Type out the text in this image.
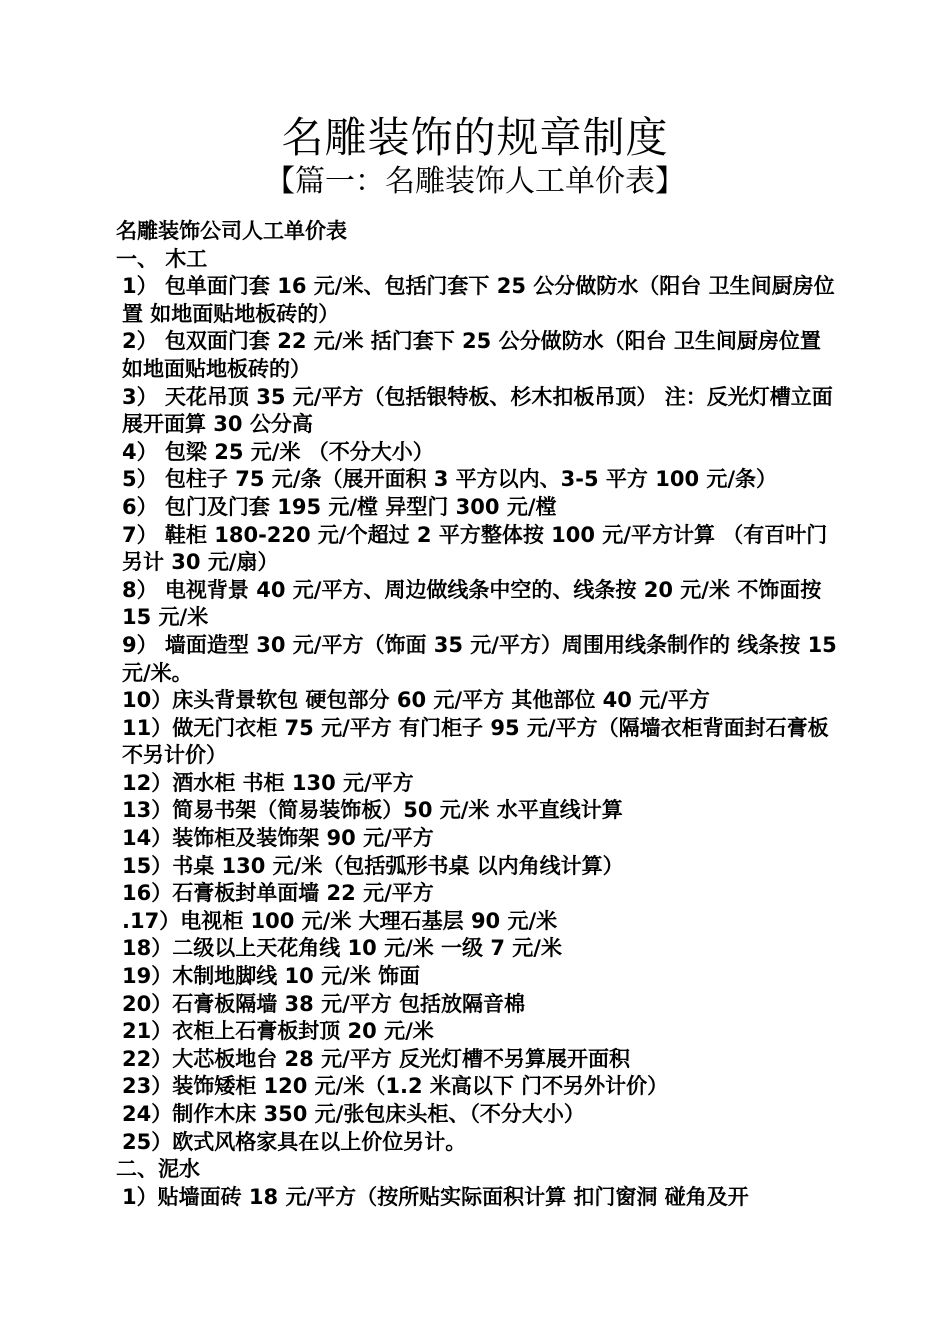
名雕装饰的规章制度
【篇一：名雕装饰人工单价表】

名雕装饰公司人工单价表

一、 木工

1） 包单面门套 16 元/米、包括门套下 25 公分做防水（阳台 卫生间厨房位置 如地面贴地板砖的）

2） 包双面门套 22 元/米 括门套下 25 公分做防水（阳台 卫生间厨房位置 如地面贴地板砖的）

3） 天花吊顶 35 元/平方（包括银特板、杉木扣板吊顶） 注：反光灯槽立面展开面算 30 公分高

4） 包梁 25 元/米 （不分大小）

5） 包柱子 75 元/条（展开面积 3 平方以内、3-5 平方 100 元/条）

6） 包门及门套 195 元/樘 异型门 300 元/樘

7） 鞋柜 180-220 元/个超过 2 平方整体按 100 元/平方计算 （有百叶门另计 30 元/扇）

8） 电视背景 40 元/平方、周边做线条中空的、线条按 20 元/米 不饰面按 15 元/米

9） 墙面造型 30 元/平方（饰面 35 元/平方）周围用线条制作的 线条按 15 元/米。

10）床头背景软包 硬包部分 60 元/平方 其他部位 40 元/平方

11）做无门衣柜 75 元/平方 有门柜子 95 元/平方（隔墙衣柜背面封石膏板不另计价）

12）酒水柜 书柜 130 元/平方

13）简易书架（简易装饰板）50 元/米 水平直线计算

14）装饰柜及装饰架 90 元/平方

15）书桌 130 元/米（包括弧形书桌 以内角线计算）

16）石膏板封单面墙 22 元/平方

.17）电视柜 100 元/米 大理石基层 90 元/米

18）二级以上天花角线 10 元/米 一级 7 元/米

19）木制地脚线 10 元/米 饰面

20）石膏板隔墙 38 元/平方 包括放隔音棉

21）衣柜上石膏板封顶 20 元/米

22）大芯板地台 28 元/平方 反光灯槽不另算展开面积

23）装饰矮柜 120 元/米（1.2 米高以下 门不另外计价）

24）制作木床 350 元/张包床头柜、（不分大小）

25）欧式风格家具在以上价位另计。

二、泥水

1）贴墙面砖 18 元/平方（按所贴实际面积计算 扣门窗洞 碰角及开
